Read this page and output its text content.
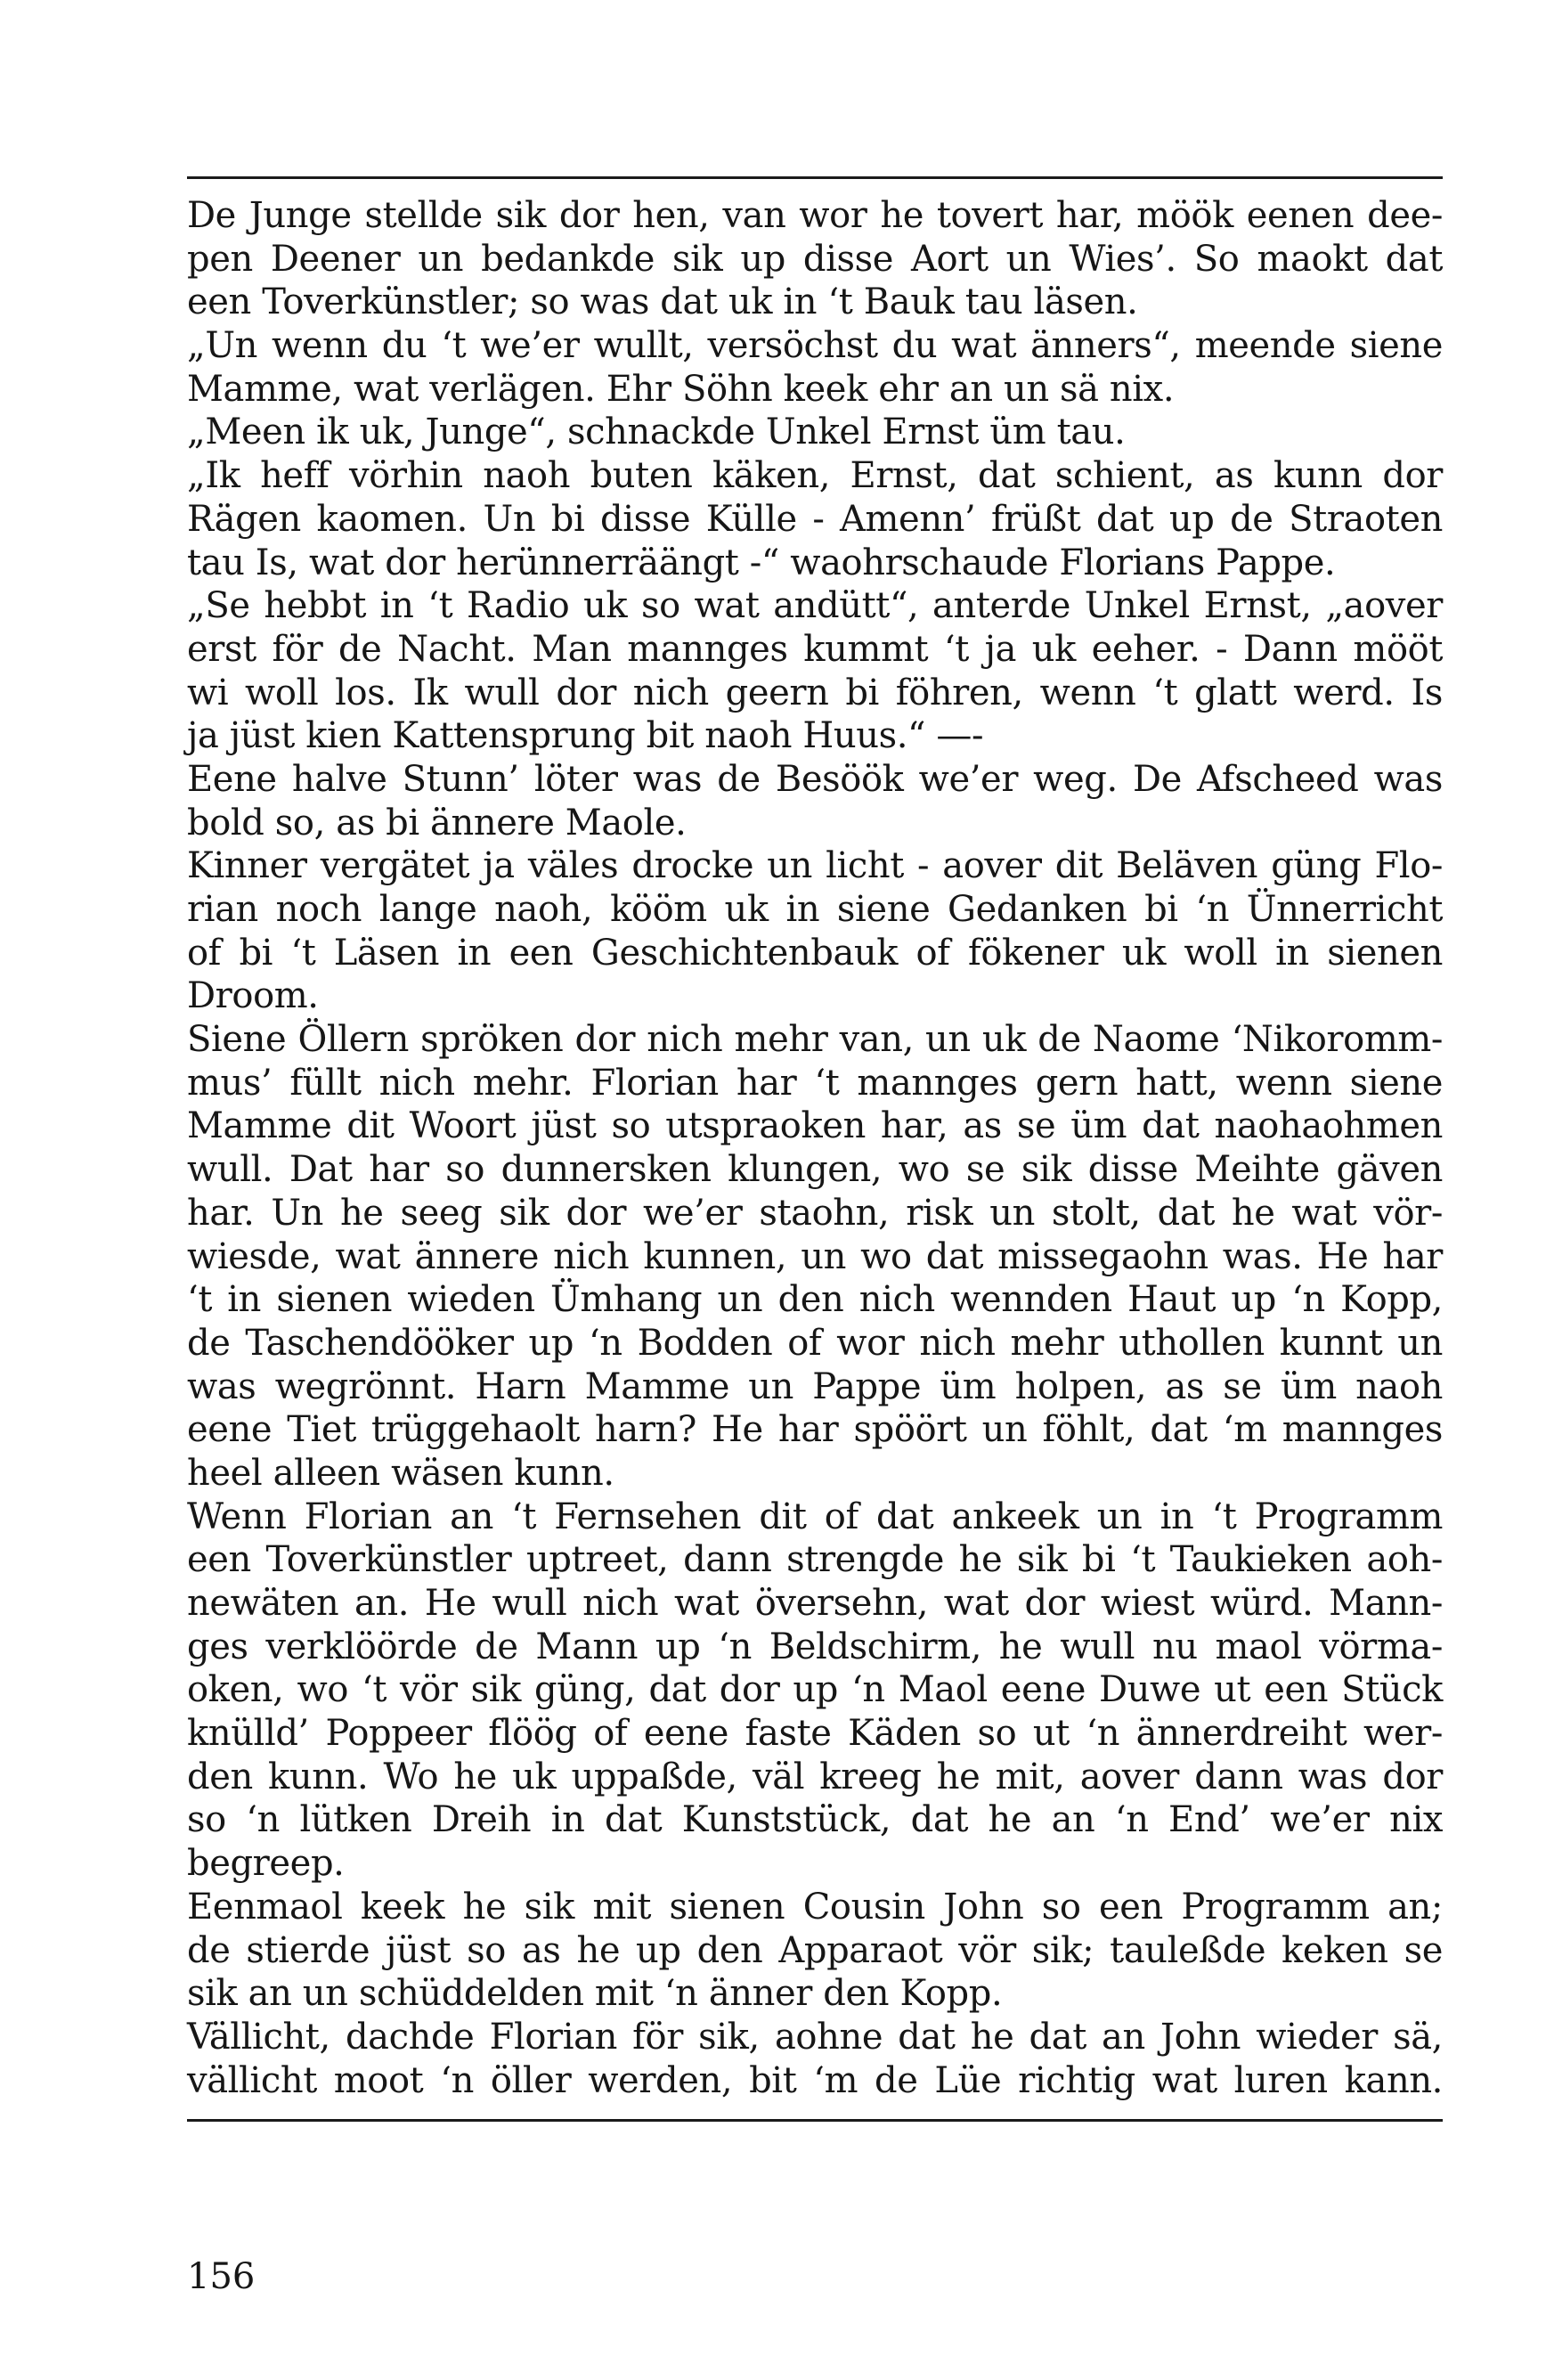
De Junge stellde sik dor hen, van wor he tovert har, möök eenen dee-
pen Deener un bedankde sik up disse Aort un Wies’. So maokt dat
een Toverkünstler; so was dat uk in ‘t Bauk tau läsen.
„Un wenn du ‘t we’er wullt, versöchst du wat änners“, meende siene
Mamme, wat verlägen. Ehr Söhn keek ehr an un sä nix.
„Meen ik uk, Junge“, schnackde Unkel Ernst üm tau.
„Ik heff vörhin naoh buten käken, Ernst, dat schient, as kunn dor
Rägen kaomen. Un bi disse Külle - Amenn’ früßt dat up de Straoten
tau Is, wat dor herünnerräängt -“ waohrschaude Florians Pappe.
„Se hebbt in ‘t Radio uk so wat andütt“, anterde Unkel Ernst, „aover
erst för de Nacht. Man mannges kummt ‘t ja uk eeher. - Dann mööt
wi woll los. Ik wull dor nich geern bi föhren, wenn ‘t glatt werd. Is
ja jüst kien Kattensprung bit naoh Huus.“ —-
Eene halve Stunn’ löter was de Besöök we’er weg. De Afscheed was
bold so, as bi ännere Maole.
Kinner vergätet ja väles drocke un licht - aover dit Beläven güng Flo-
rian noch lange naoh, kööm uk in siene Gedanken bi ‘n Ünnerricht
of bi ‘t Läsen in een Geschichtenbauk of fökener uk woll in sienen
Droom.
Siene Öllern spröken dor nich mehr van, un uk de Naome ‘Nikoromm-
mus’ füllt nich mehr. Florian har ‘t mannges gern hatt, wenn siene
Mamme dit Woort jüst so utspraoken har, as se üm dat naohaohmen
wull. Dat har so dunnersken klungen, wo se sik disse Meihte gäven
har. Un he seeg sik dor we’er staohn, risk un stolt, dat he wat vör-
wiesde, wat ännere nich kunnen, un wo dat missegaohn was. He har
‘t in sienen wieden Ümhang un den nich wennden Haut up ‘n Kopp,
de Taschendööker up ‘n Bodden of wor nich mehr uthollen kunnt un
was wegrönnt. Harn Mamme un Pappe üm holpen, as se üm naoh
eene Tiet trüggehaolt harn? He har spöört un föhlt, dat ‘m mannges
heel alleen wäsen kunn.
Wenn Florian an ‘t Fernsehen dit of dat ankeek un in ‘t Programm
een Toverkünstler uptreet, dann strengde he sik bi ‘t Taukieken aoh-
newäten an. He wull nich wat översehn, wat dor wiest würd. Mann-
ges verklöörde de Mann up ‘n Beldschirm, he wull nu maol vörma-
oken, wo ‘t vör sik güng, dat dor up ‘n Maol eene Duwe ut een Stück
knülld’ Poppeer flöög of eene faste Käden so ut ‘n ännerdreiht wer-
den kunn. Wo he uk uppaßde, väl kreeg he mit, aover dann was dor
so ‘n lütken Dreih in dat Kunststück, dat he an ‘n End’ we’er nix
begreep.
Eenmaol keek he sik mit sienen Cousin John so een Programm an;
de stierde jüst so as he up den Apparaot vör sik; tauleßde keken se
sik an un schüddelden mit ‘n änner den Kopp.
Vällicht, dachde Florian för sik, aohne dat he dat an John wieder sä,
vällicht moot ‘n öller werden, bit ‘m de Lüe richtig wat luren kann.
156
